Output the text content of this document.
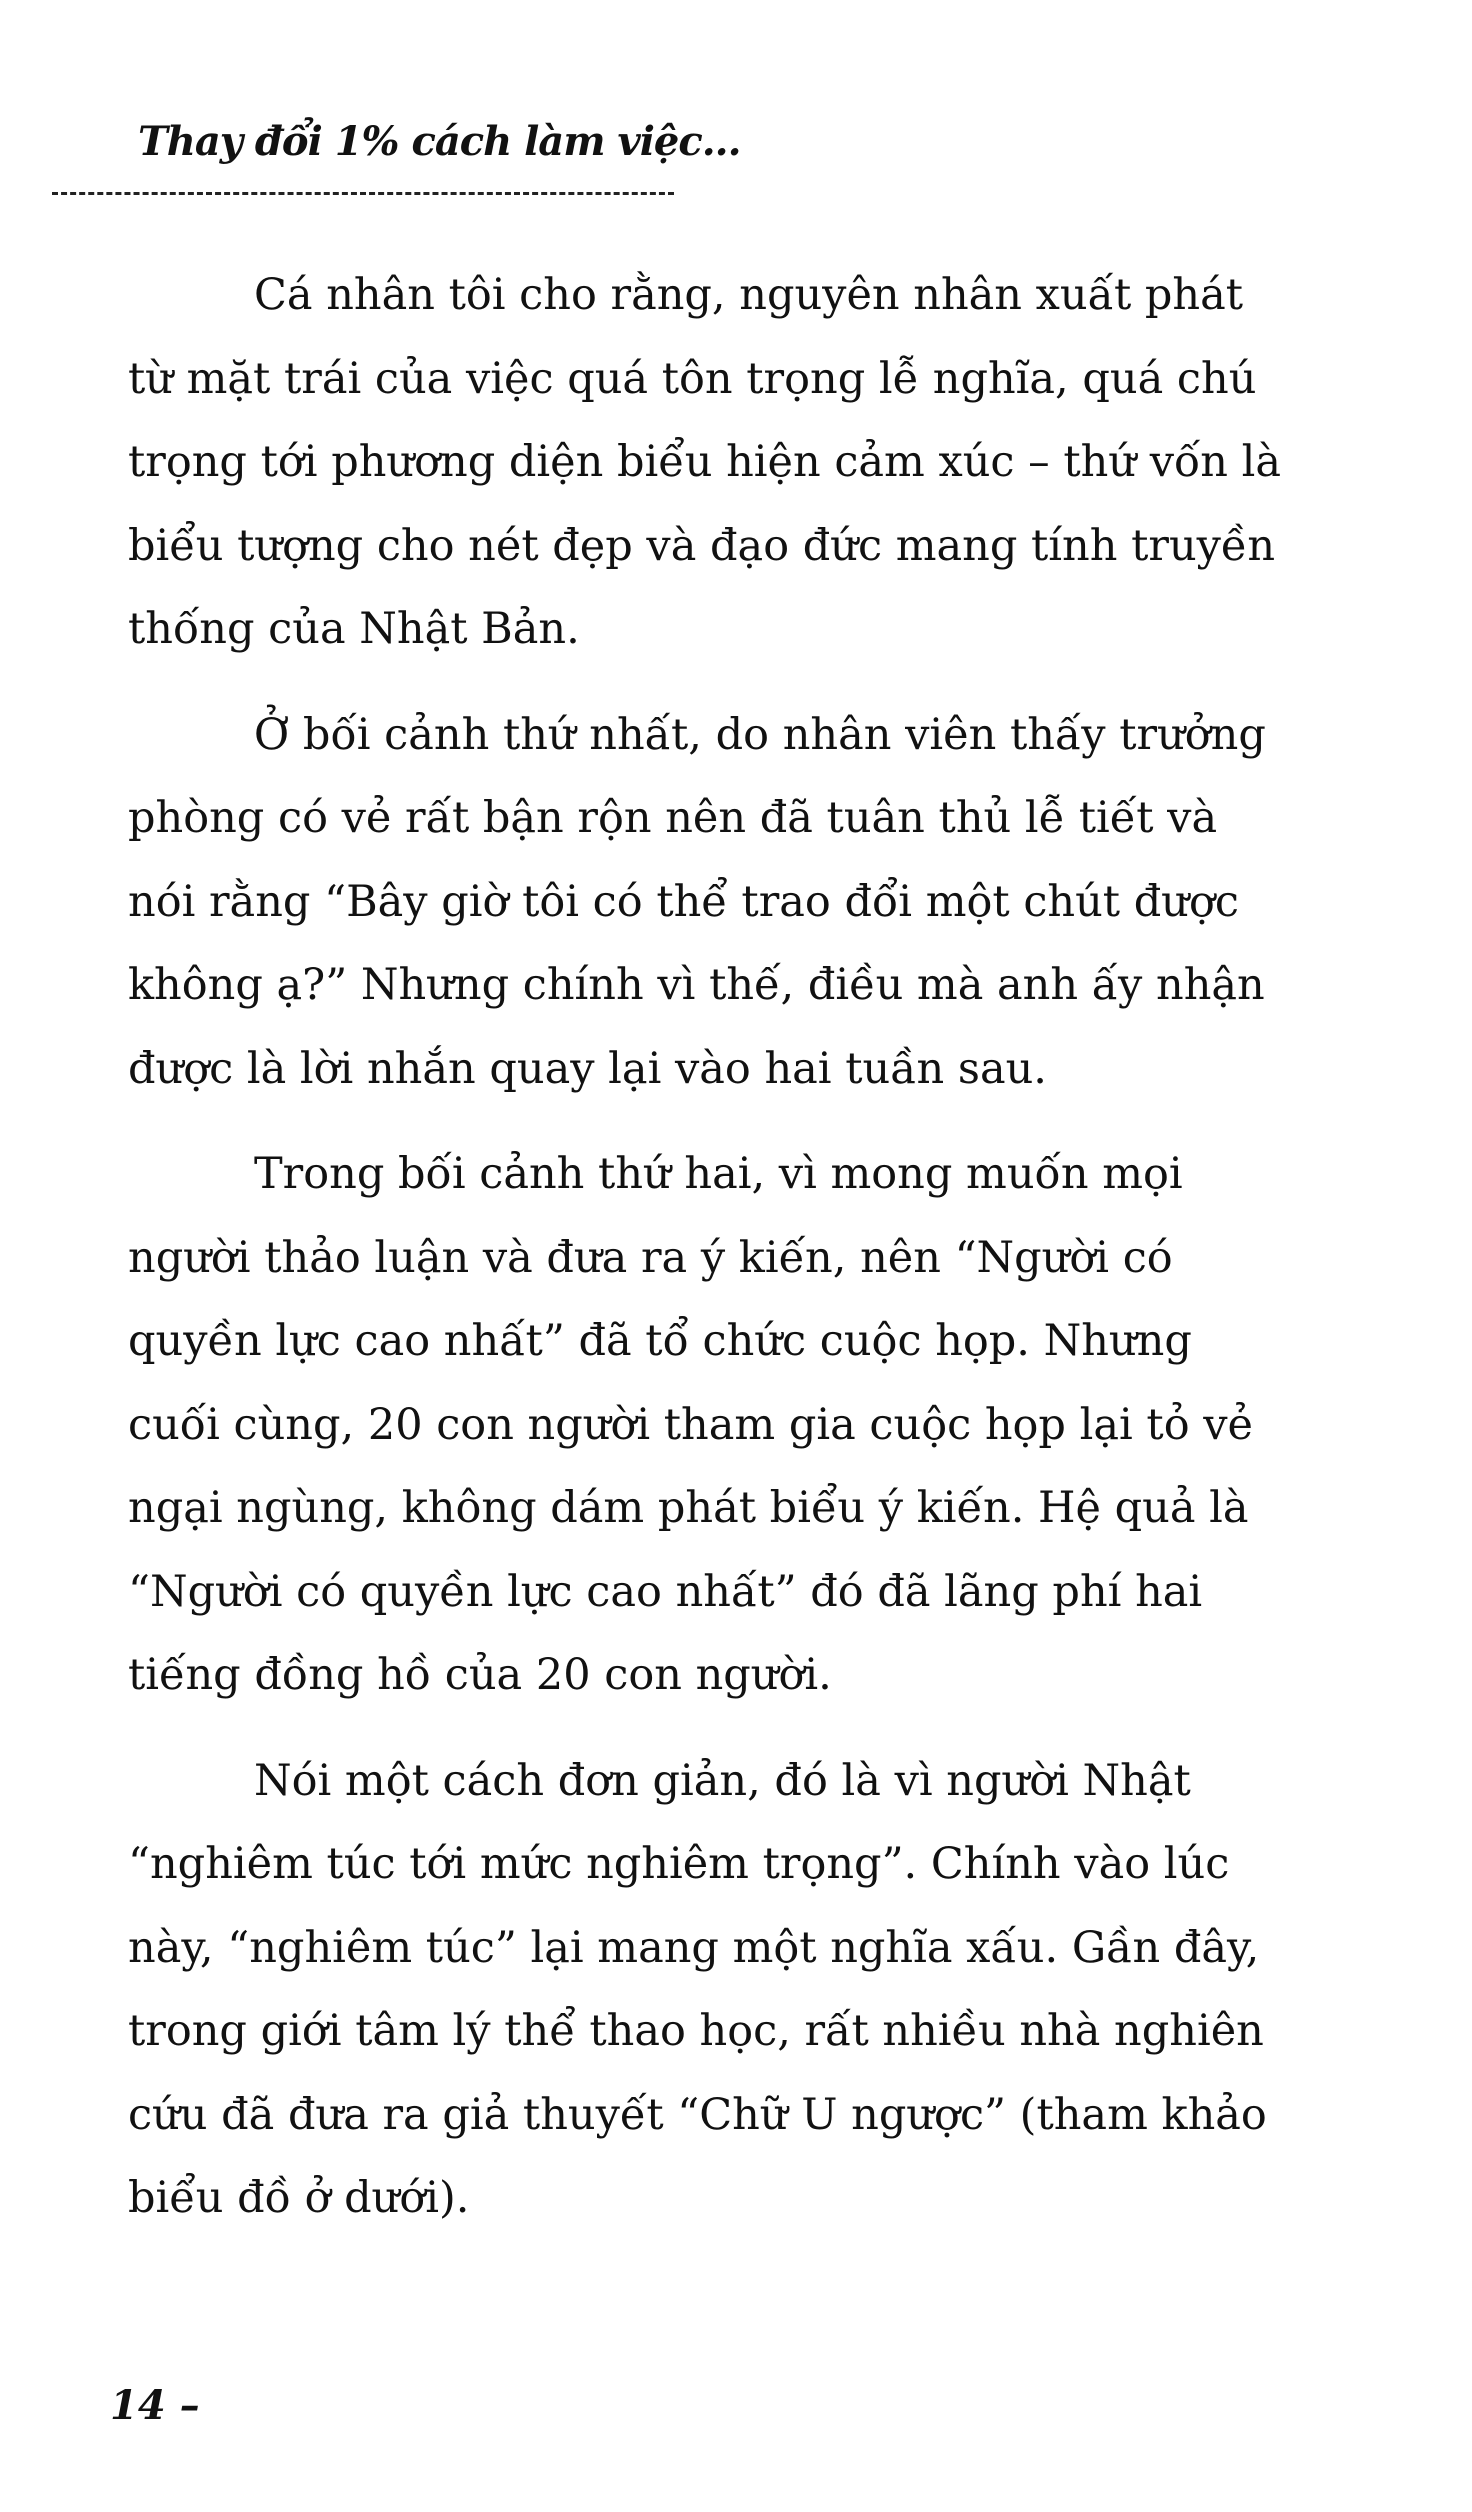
Thay đổi 1% cách làm việc...

Cá nhân tôi cho rằng, nguyên nhân xuất phát
từ mặt trái của việc quá tôn trọng lễ nghĩa, quá chú
trọng tới phương diện biểu hiện cảm xúc – thứ vốn là
biểu tượng cho nét đẹp và đạo đức mang tính truyền
thống của Nhật Bản.

Ở bối cảnh thứ nhất, do nhân viên thấy trưởng
phòng có vẻ rất bận rộn nên đã tuân thủ lễ tiết và
nói rằng “Bây giờ tôi có thể trao đổi một chút được
không ạ?” Nhưng chính vì thế, điều mà anh ấy nhận
được là lời nhắn quay lại vào hai tuần sau.

Trong bối cảnh thứ hai, vì mong muốn mọi
người thảo luận và đưa ra ý kiến, nên “Người có
quyền lực cao nhất” đã tổ chức cuộc họp. Nhưng
cuối cùng, 20 con người tham gia cuộc họp lại tỏ vẻ
ngại ngùng, không dám phát biểu ý kiến. Hệ quả là
“Người có quyền lực cao nhất” đó đã lãng phí hai
tiếng đồng hồ của 20 con người.

Nói một cách đơn giản, đó là vì người Nhật
“nghiêm túc tới mức nghiêm trọng”. Chính vào lúc
này, “nghiêm túc” lại mang một nghĩa xấu. Gần đây,
trong giới tâm lý thể thao học, rất nhiều nhà nghiên
cứu đã đưa ra giả thuyết “Chữ U ngược” (tham khảo
biểu đồ ở dưới).

14 –
